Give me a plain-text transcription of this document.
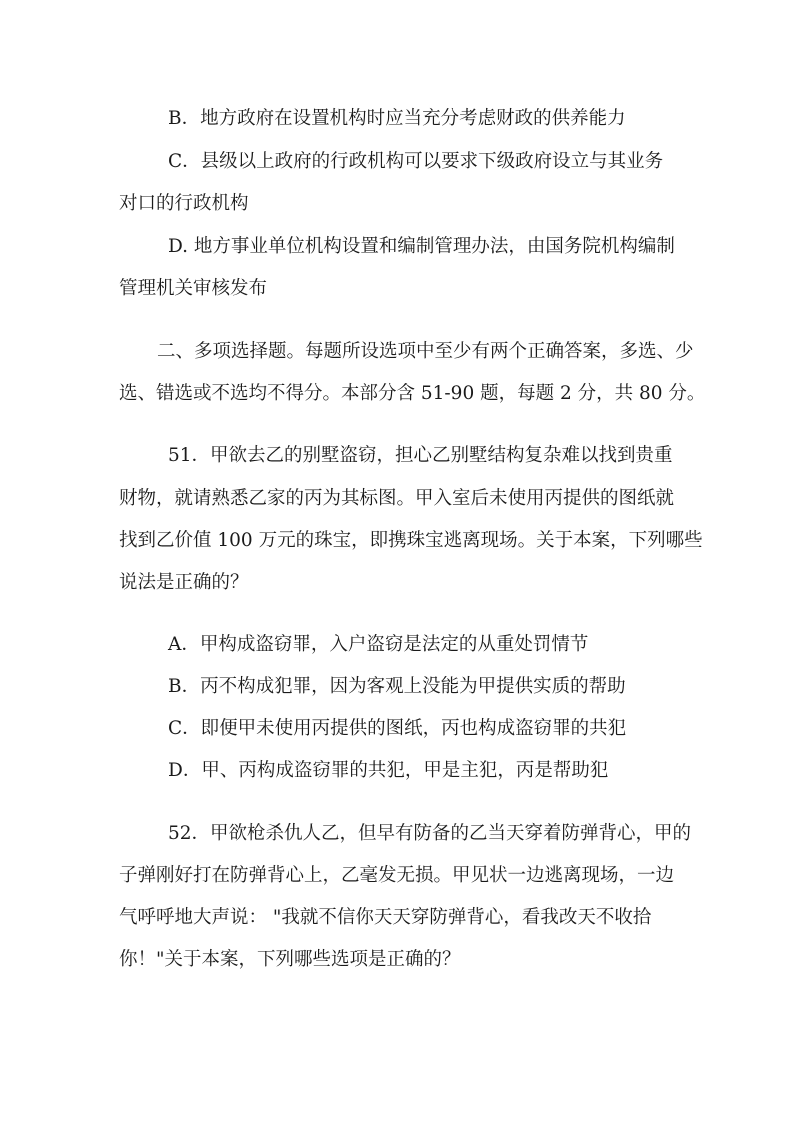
B．地方政府在设置机构时应当充分考虑财政的供养能力
C．县级以上政府的行政机构可以要求下级政府设立与其业务
对口的行政机构
D. 地方事业单位机构设置和编制管理办法，由国务院机构编制
管理机关审核发布
二、多项选择题。每题所设选项中至少有两个正确答案，多选、少
选、错选或不选均不得分。本部分含 51-90 题，每题 2 分，共 80 分。
51．甲欲去乙的别墅盗窃，担心乙别墅结构复杂难以找到贵重
财物，就请熟悉乙家的丙为其标图。甲入室后未使用丙提供的图纸就
找到乙价值 100 万元的珠宝，即携珠宝逃离现场。关于本案，下列哪些
说法是正确的？
A．甲构成盗窃罪，入户盗窃是法定的从重处罚情节
B．丙不构成犯罪，因为客观上没能为甲提供实质的帮助
C．即便甲未使用丙提供的图纸，丙也构成盗窃罪的共犯
D．甲、丙构成盗窃罪的共犯，甲是主犯，丙是帮助犯
52．甲欲枪杀仇人乙，但早有防备的乙当天穿着防弹背心，甲的
子弹刚好打在防弹背心上，乙毫发无损。甲见状一边逃离现场，一边
气呼呼地大声说： "我就不信你天天穿防弹背心，看我改天不收拾
你！"关于本案，下列哪些选项是正确的？
